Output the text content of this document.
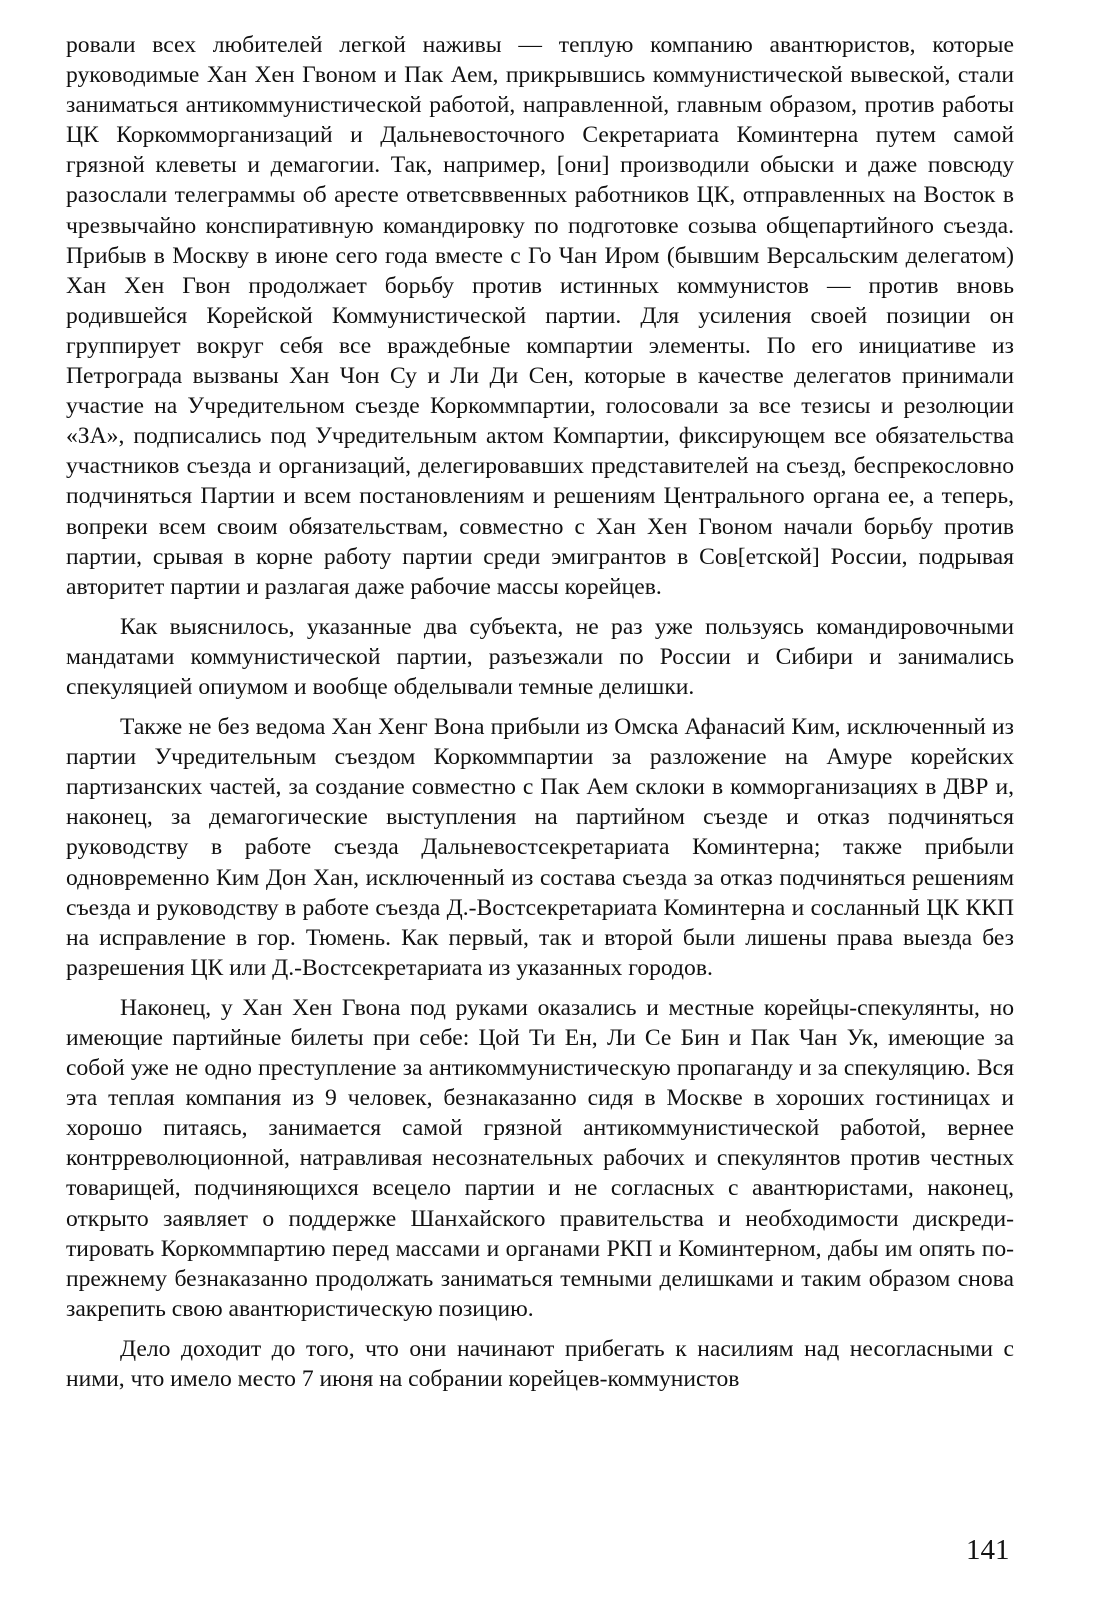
ровали всех любителей легкой наживы — теплую компанию авантюристов, которые руководимые Хан Хен Гвоном и Пак Аем, прикрывшись коммунистической вывеской, стали заниматься антикоммунистической работой, направленной, главным образом, против работы ЦК Коркомморганизаций и Дальневосточного Секретариата Коминтерна путем самой грязной клеветы и демагогии. Так, например, [они] производили обыски и даже повсюду разослали телеграммы об аресте ответсвввенных работников ЦК, отправленных на Восток в чрезвычайно конспиративную командировку по подготовке созыва общепартийного съезда. Прибыв в Москву в июне сего года вместе с Го Чан Иром (бывшим Версальским делегатом) Хан Хен Гвон продолжает борьбу против истинных коммунистов — против вновь родившейся Корейской Коммунистической партии. Для усиления своей позиции он группирует вокруг себя все враждебные компартии элементы. По его инициативе из Петрограда вызваны Хан Чон Су и Ли Ди Сен, которые в качестве делегатов принимали участие на Учредительном съезде Коркоммпартии, голосовали за все тезисы и резолюции «ЗА», подписались под Учредительным актом Компартии, фиксирующем все обязательства участников съезда и организаций, делегировавших представителей на съезд, беспрекословно подчиняться Партии и всем постановлениям и решениям Центрального органа ее, а теперь, вопреки всем своим обязательствам, совместно с Хан Хен Гвоном начали борьбу против партии, срывая в корне работу партии среди эмигрантов в Сов[етской] России, подрывая авторитет партии и разлагая даже рабочие массы корейцев.

Как выяснилось, указанные два субъекта, не раз уже пользуясь командировочными мандатами коммунистической партии, разъезжали по России и Сибири и занимались спекуляцией опиумом и вообще обделывали темные делишки.

Также не без ведома Хан Хенг Вона прибыли из Омска Афанасий Ким, исключенный из партии Учредительным съездом Коркоммпартии за разложение на Амуре корейских партизанских частей, за создание совместно с Пак Аем склоки в комморганизациях в ДВР и, наконец, за демагогические выступления на партийном съезде и отказ подчиняться руководству в работе съезда Дальневостсекретариата Коминтерна; также прибыли одновременно Ким Дон Хан, исключенный из состава съезда за отказ подчиняться решениям съезда и руководству в работе съезда Д.-Востсекретариата Коминтерна и сосланный ЦК ККП на исправление в гор. Тюмень. Как первый, так и второй были лишены права выезда без разрешения ЦК или Д.-Востсекретариата из указанных городов.

Наконец, у Хан Хен Гвона под руками оказались и местные корейцы-спекулянты, но имеющие партийные билеты при себе: Цой Ти Ен, Ли Се Бин и Пак Чан Ук, имеющие за собой уже не одно преступление за антикоммунистическую пропаганду и за спекуляцию. Вся эта теплая компания из 9 человек, безнаказанно сидя в Москве в хороших гостиницах и хорошо питаясь, занимается самой грязной антикоммунистической работой, вернее контрреволюционной, натравливая несознательных рабочих и спекулянтов против честных товарищей, подчиняющихся всецело партии и не согласных с авантюристами, наконец, открыто заявляет о поддержке Шанхайского правительства и необходимости дискредитировать Коркоммпартию перед массами и органами РКП и Коминтерном, дабы им опять по-прежнему безнаказанно продолжать заниматься темными делишками и таким образом снова закрепить свою авантюристическую позицию.

Дело доходит до того, что они начинают прибегать к насилиям над несогласными с ними, что имело место 7 июня на собрании корейцев-коммунистов

141
